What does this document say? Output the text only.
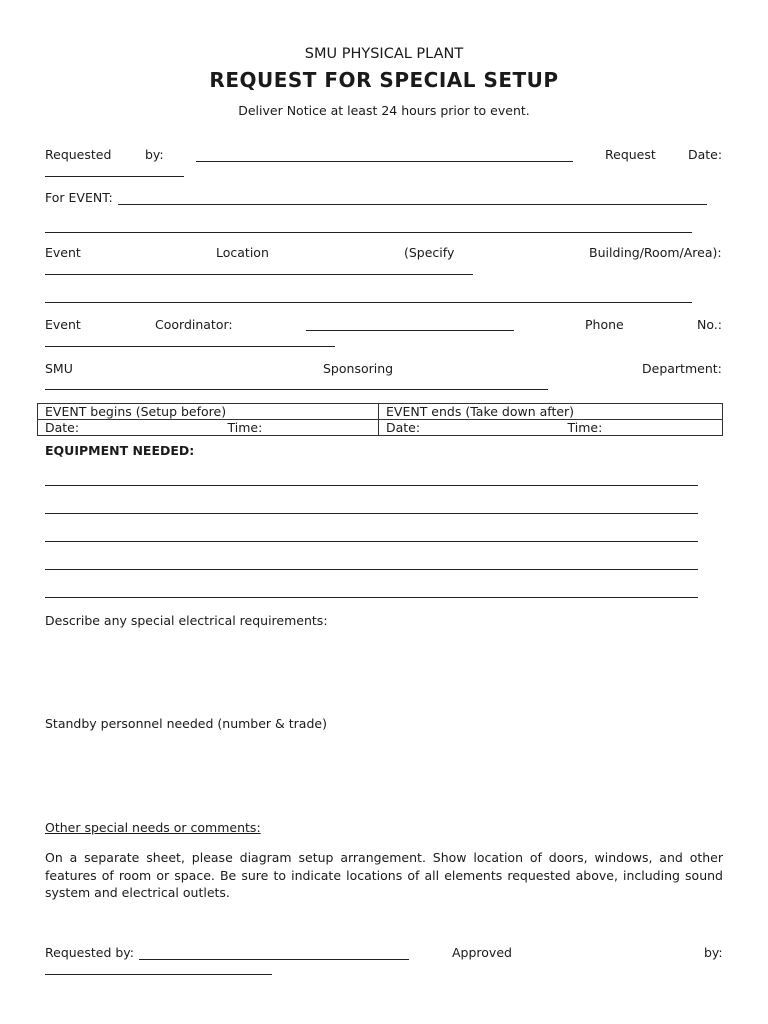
SMU PHYSICAL PLANT
REQUEST FOR SPECIAL SETUP
Deliver Notice at least 24 hours prior to event.
Requested	by:	Request	Date:
For EVENT:
Event	Location	(Specify	Building/Room/Area):
Event	Coordinator:	Phone	No.:
SMU	Sponsoring	Department:
EVENT begins (Setup before)	EVENT ends (Take down after)
Date: Time:	Date: Time:
EQUIPMENT NEEDED:
Describe any special electrical requirements:
Standby personnel needed (number & trade)
Other special needs or comments:
On a separate sheet, please diagram setup arrangement. Show location of doors, windows, and other features of room or space. Be sure to indicate locations of all elements requested above, including sound system and electrical outlets.
Requested by:	Approved	by:
